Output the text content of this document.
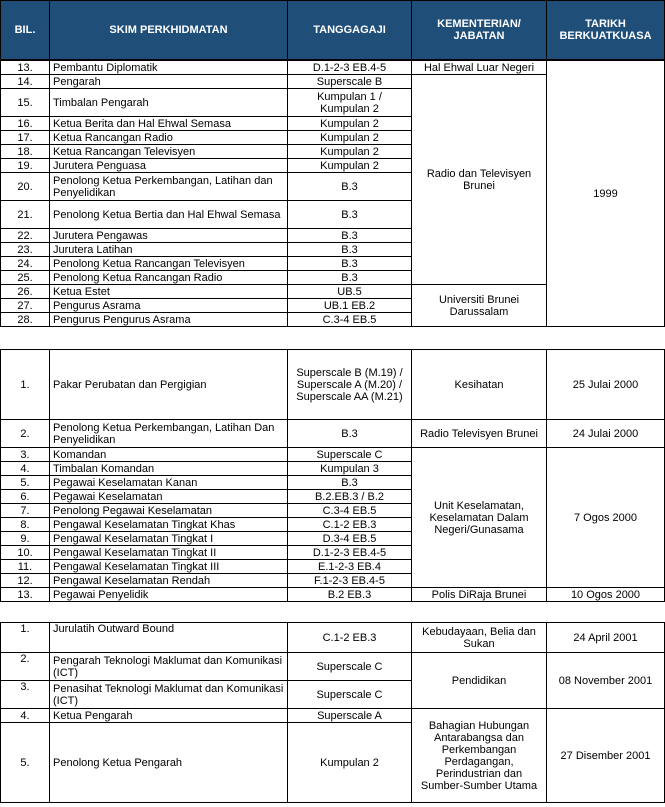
BIL.	SKIM PERKHIDMATAN	TANGGAGAJI	KEMENTERIAN/ JABATAN	TARIKH BERKUATKUASA
13.	Pembantu Diplomatik	D.1-2-3 EB.4-5	Hal Ehwal Luar Negeri	1999
14.	Pengarah	Superscale B	Radio dan Televisyen Brunei	
15.	Timbalan Pengarah	Kumpulan 1 / Kumpulan 2		
16.	Ketua Berita dan Hal Ehwal Semasa	Kumpulan 2		
17.	Ketua Rancangan Radio	Kumpulan 2		
18.	Ketua Rancangan Televisyen	Kumpulan 2		
19.	Jurutera Penguasa	Kumpulan 2		
20.	Penolong Ketua Perkembangan, Latihan dan Penyelidikan	B.3		
21.	Penolong Ketua Bertia dan Hal Ehwal Semasa	B.3		
22.	Jurutera Pengawas	B.3		
23.	Jurutera Latihan	B.3		
24.	Penolong Ketua Rancangan Televisyen	B.3		
25.	Penolong Ketua Rancangan Radio	B.3		
26.	Ketua Estet	UB.5	Universiti Brunei Darussalam	
27.	Pengurus Asrama	UB.1 EB.2		
28.	Pengurus Pengurus Asrama	C.3-4 EB.5		
1.	Pakar Perubatan dan Pergigian	Superscale B (M.19) / Superscale A (M.20) / Superscale AA (M.21)	Kesihatan	25 Julai 2000
2.	Penolong Ketua Perkembangan, Latihan Dan Penyelidikan	B.3	Radio Televisyen Brunei	24 Julai 2000
3.	Komandan	Superscale C	Unit Keselamatan, Keselamatan Dalam Negeri/Gunasama	7 Ogos 2000
4.	Timbalan Komandan	Kumpulan 3		
5.	Pegawai Keselamatan Kanan	B.3		
6.	Pegawai Keselamatan	B.2.EB.3 / B.2		
7.	Penolong Pegawai Keselamatan	C.3-4 EB.5		
8.	Pengawal Keselamatan Tingkat Khas	C.1-2 EB.3		
9.	Pengawal Keselamatan Tingkat I	D.3-4 EB.5		
10.	Pengawal Keselamatan Tingkat II	D.1-2-3 EB.4-5		
11.	Pengawal Keselamatan Tingkat III	E.1-2-3 EB.4		
12.	Pengawal Keselamatan Rendah	F.1-2-3 EB.4-5		
13.	Pegawai Penyelidik	B.2 EB.3	Polis DiRaja Brunei	10 Ogos 2000
1.	Jurulatih Outward Bound	C.1-2 EB.3	Kebudayaan, Belia dan Sukan	24 April 2001
2.	Pengarah Teknologi Maklumat dan Komunikasi (ICT)	Superscale C	Pendidikan	08 November 2001
3.	Penasihat Teknologi Maklumat dan Komunikasi (ICT)	Superscale C		
4.	Ketua Pengarah	Superscale A	Bahagian Hubungan Antarabangsa dan Perkembangan Perdagangan, Perindustrian dan Sumber-Sumber Utama	27 Disember 2001
5.	Penolong Ketua Pengarah	Kumpulan 2		
